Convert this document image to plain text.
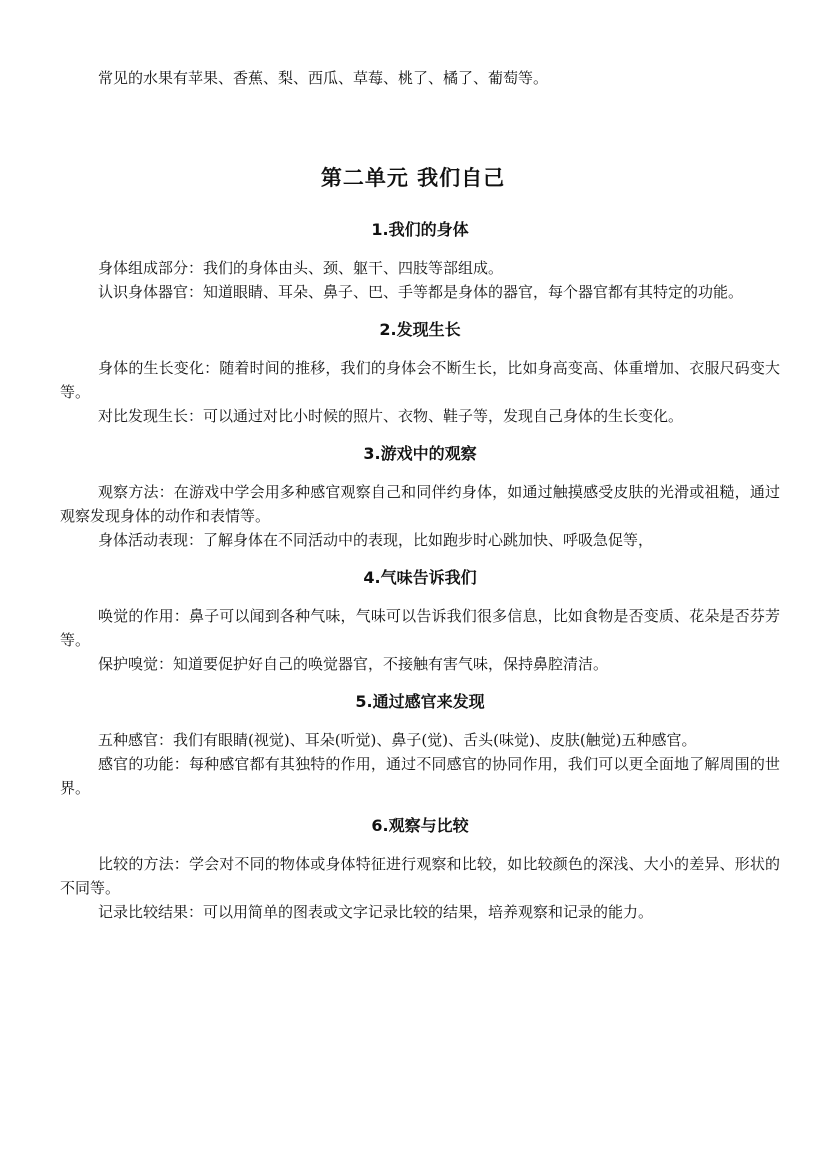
常见的水果有苹果、香蕉、梨、西瓜、草莓、桃了、橘了、葡萄等。

第二单元 我们自己
1.我们的身体

身体组成部分：我们的身体由头、颈、躯干、四肢等部组成。

认识身体器官：知道眼睛、耳朵、鼻子、巴、手等都是身体的器官，每个器官都有其特定的功能。

2.发现生长

身体的生长变化：随着时间的推移，我们的身体会不断生长，比如身高变高、体重增加、衣服尺码变大等。

对比发现生长：可以通过对比小时候的照片、衣物、鞋子等，发现自己身体的生长变化。

3.游戏中的观察

观察方法：在游戏中学会用多种感官观察自己和同伴约身体，如通过触摸感受皮肤的光滑或祖糙，通过观察发现身体的动作和表情等。

身体活动表现：了解身体在不同活动中的表现，比如跑步时心跳加快、呼吸急促等，

4.气味告诉我们

唤觉的作用：鼻子可以闻到各种气味，气味可以告诉我们很多信息，比如食物是否变质、花朵是否芬芳等。

保护嗅觉：知道要促护好自己的唤觉器官，不接触有害气味，保持鼻腔清洁。

5.通过感官来发现

五种感官：我们有眼睛(视觉)、耳朵(听觉)、鼻子(觉)、舌头(味觉)、皮肤(触觉)五种感官。

感官的功能：每种感官都有其独特的作用，通过不同感官的协同作用，我们可以更全面地了解周围的世界。

6.观察与比较

比较的方法：学会对不同的物体或身体特征进行观察和比较，如比较颜色的深浅、大小的差异、形状的不同等。

记录比较结果：可以用简单的图表或文字记录比较的结果，培养观察和记录的能力。
